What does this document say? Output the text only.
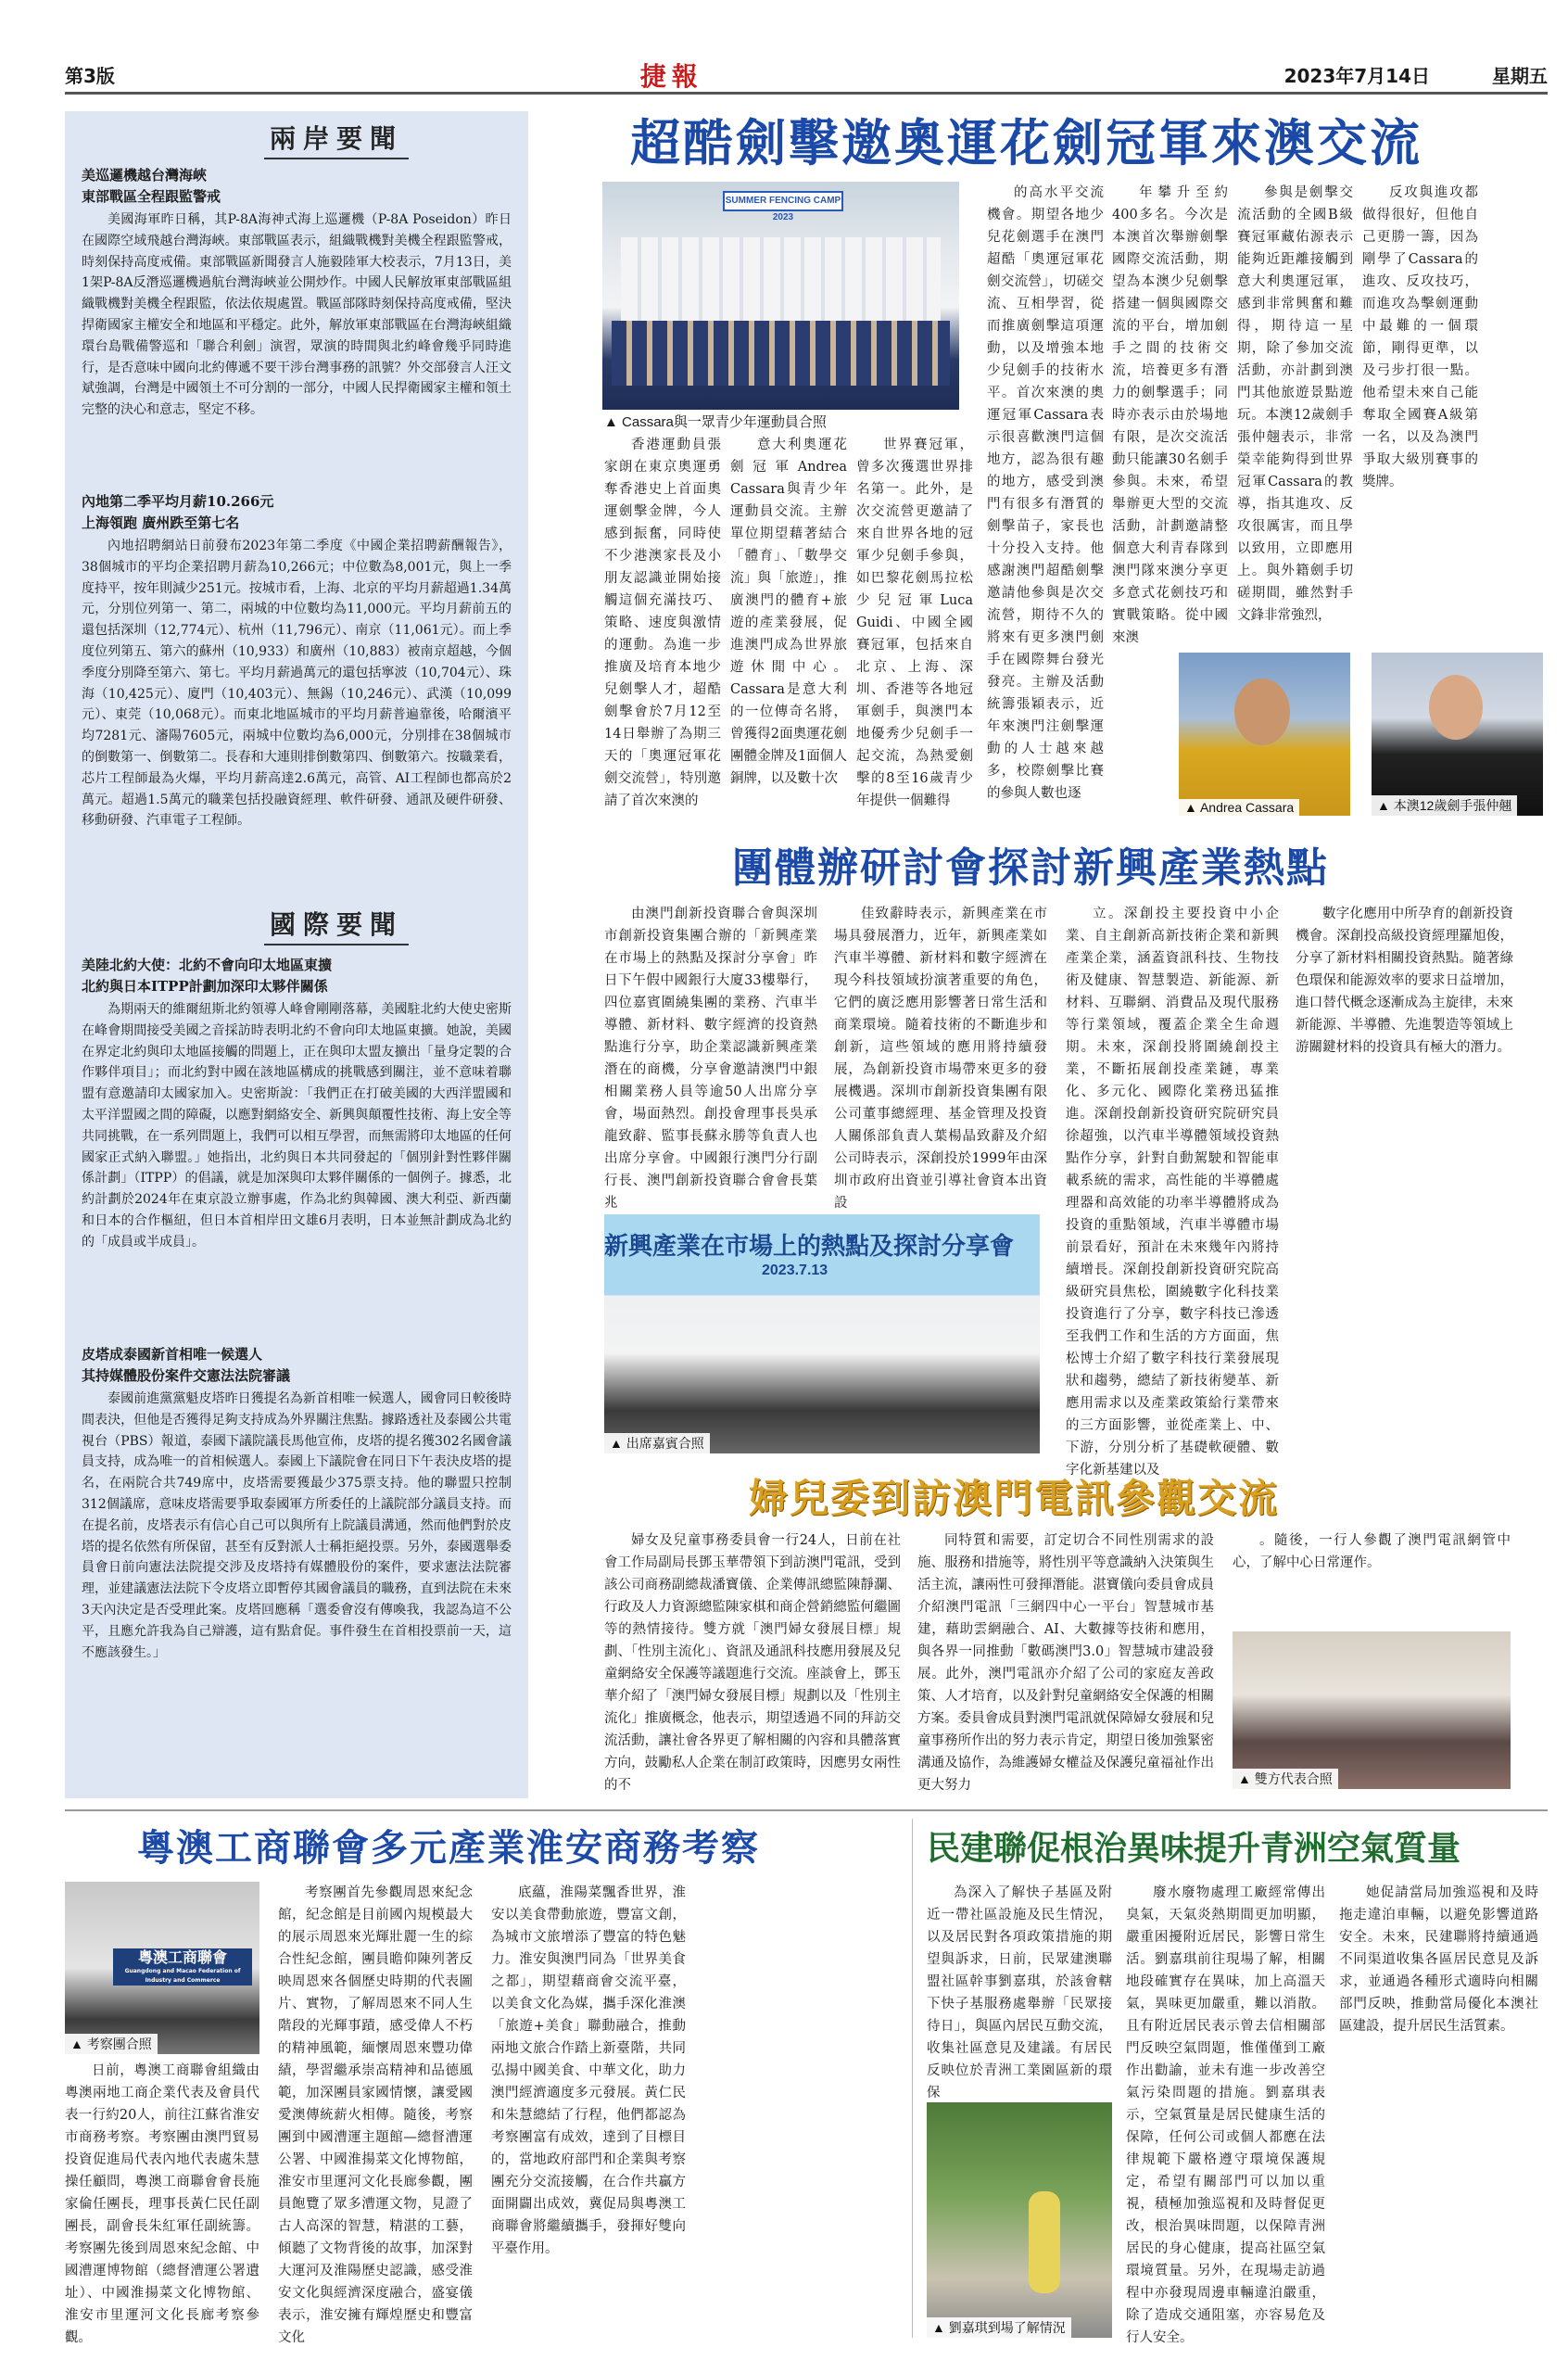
第3版	捷報	2023年7月14日	星期五
兩岸要聞
美巡邏機越台灣海峽
東部戰區全程跟監警戒
美國海軍昨日稱，其P-8A海神式海上巡邏機（P-8A Poseidon）昨日在國際空域飛越台灣海峽。東部戰區表示，組織戰機對美機全程跟監警戒，時刻保持高度戒備。東部戰區新聞發言人施毅陸軍大校表示，7月13日，美1架P-8A反潛巡邏機過航台灣海峽並公開炒作。中國人民解放軍東部戰區組織戰機對美機全程跟監，依法依規處置。戰區部隊時刻保持高度戒備，堅決捍衛國家主權安全和地區和平穩定。此外，解放軍東部戰區在台灣海峽組織環台島戰備警巡和「聯合利劍」演習，眾演的時間與北約峰會幾乎同時進行，是否意味中國向北約傳遞不要干涉台灣事務的訊號？外交部發言人汪文斌強調，台灣是中國領土不可分割的一部分，中國人民捍衛國家主權和領土完整的決心和意志，堅定不移。
內地第二季平均月薪10.266元
上海領跑 廣州跌至第七名
內地招聘網站日前發布2023年第二季度《中國企業招聘薪酬報告》，38個城市的平均企業招聘月薪為10,266元；中位數為8,001元，與上一季度持平，按年則減少251元。按城市看，上海、北京的平均月薪超過1.34萬元，分別位列第一、第二，兩城的中位數均為11,000元。平均月薪前五的還包括深圳（12,774元）、杭州（11,796元）、南京（11,061元）。而上季度位列第五、第六的蘇州（10,933）和廣州（10,883）被南京超越，今個季度分別降至第六、第七。平均月薪過萬元的還包括寧波（10,704元）、珠海（10,425元）、廈門（10,403元）、無錫（10,246元）、武漢（10,099元）、東莞（10,068元）。而東北地區城市的平均月薪普遍靠後，哈爾濱平均7281元、瀋陽7605元，兩城中位數均為6,000元，分別排在38個城市的倒數第一、倒數第二。長春和大連則排倒數第四、倒數第六。按職業看，芯片工程師最為火爆，平均月薪高達2.6萬元，高管、AI工程師也都高於2萬元。超過1.5萬元的職業包括投融資經理、軟件研發、通訊及硬件研發、移動研發、汽車電子工程師。
國際要聞
美陸北約大使：北約不會向印太地區東擴
北約與日本ITPP計劃加深印太夥伴關係
為期兩天的維爾紐斯北約領導人峰會剛剛落幕，美國駐北約大使史密斯在峰會期間接受美國之音採訪時表明北約不會向印太地區東擴。她說，美國在界定北約與印太地區接觸的問題上，正在與印太盟友擴出「量身定製的合作夥伴項目」；而北約對中國在該地區構成的挑戰感到關注，並不意味着聯盟有意邀請印太國家加入。史密斯說：「我們正在打破美國的大西洋盟國和太平洋盟國之間的障礙，以應對網絡安全、新興與顛覆性技術、海上安全等共同挑戰，在一系列問題上，我們可以相互學習，而無需將印太地區的任何國家正式納入聯盟。」她指出，北約與日本共同發起的「個別針對性夥伴關係計劃」（ITPP）的倡議，就是加深與印太夥伴關係的一個例子。據悉，北約計劃於2024年在東京設立辦事處，作為北約與韓國、澳大利亞、新西蘭和日本的合作樞紐，但日本首相岸田文雄6月表明，日本並無計劃成為北約的「成員或半成員」。
皮塔成泰國新首相唯一候選人
其持媒體股份案件交憲法法院審議
泰國前進黨黨魁皮塔昨日獲提名為新首相唯一候選人，國會同日較後時間表決，但他是否獲得足夠支持成為外界關注焦點。據路透社及泰國公共電視台（PBS）報道，泰國下議院議長馬他宣佈，皮塔的提名獲302名國會議員支持，成為唯一的首相候選人。泰國上下議院會在同日下午表決皮塔的提名，在兩院合共749席中，皮塔需要獲最少375票支持。他的聯盟只控制312個議席，意味皮塔需要爭取泰國軍方所委任的上議院部分議員支持。而在提名前，皮塔表示有信心自己可以與所有上院議員溝通，然而他們對於皮塔的提名依然有所保留，甚至有反對派人士稱拒絕投票。另外，泰國選舉委員會日前向憲法法院提交涉及皮塔持有媒體股份的案件，要求憲法法院審理，並建議憲法法院下令皮塔立即暫停其國會議員的職務，直到法院在未來3天內決定是否受理此案。皮塔回應稱「選委會沒有傳喚我，我認為這不公平，且應允許我為自己辯護，這有點倉促。事件發生在首相投票前一天，這不應該發生。」
超酷劍擊邀奧運花劍冠軍來澳交流
SUMMER FENCING CAMP 2023
▲ Cassara與一眾青少年運動員合照
香港運動員張家朗在東京奧運勇奪香港史上首面奧運劍擊金牌，今人感到振奮，同時使不少港澳家長及小朋友認識並開始接觸這個充滿技巧、策略、速度與激情的運動。為進一步推廣及培育本地少兒劍擊人才，超酷劍擊會於7月12至14日舉辦了為期三天的「奧運冠軍花劍交流營」，特別邀請了首次來澳的
意大利奧運花劍冠軍Andrea Cassara與青少年運動員交流。主辦單位期望藉著結合「體育」、「數學交流」與「旅遊」，推廣澳門的體育+旅遊的產業發展，促進澳門成為世界旅遊休閒中心。Cassara是意大利的一位傳奇名將，曾獲得2面奧運花劍團體金牌及1面個人銅牌，以及數十次
世界賽冠軍，曾多次獲選世界排名第一。此外，是次交流營更邀請了來自世界各地的冠軍少兒劍手參與，如巴黎花劍馬拉松少兒冠軍Luca Guidi、中國全國賽冠軍，包括來自北京、上海、深圳、香港等各地冠軍劍手，與澳門本地優秀少兒劍手一起交流，為熱愛劍擊的8至16歲青少年提供一個難得
的高水平交流機會。期望各地少兒花劍選手在澳門超酷「奧運冠軍花劍交流營」，切磋交流、互相學習，從而推廣劍擊這項運動，以及增強本地少兒劍手的技術水平。首次來澳的奧運冠軍Cassara表示很喜歡澳門這個地方，認為很有趣的地方，感受到澳門有很多有潛質的劍擊苗子，家長也十分投入支持。他感謝澳門超酷劍擊邀請他參與是次交流營，期待不久的將來有更多澳門劍手在國際舞台發光發亮。主辦及活動統籌張穎表示，近年來澳門注劍擊運動的人士越來越多，校際劍擊比賽的參與人數也逐
年攀升至約400多名。今次是本澳首次舉辦劍擊國際交流活動，期望為本澳少兒劍擊搭建一個與國際交流的平台，增加劍手之間的技術交流，培養更多有潛力的劍擊選手；同時亦表示由於場地有限，是次交流活動只能讓30名劍手參與。未來，希望舉辦更大型的交流活動，計劃邀請整個意大利青春隊到澳門隊來澳分享更多意式花劍技巧和實戰策略。從中國來澳
參與是劍擊交流活動的全國B級賽冠軍藏佑源表示能夠近距離接觸到意大利奧運冠軍，感到非常興奮和難得，期待這一星期，除了參加交流活動，亦計劃到澳門其他旅遊景點遊玩。本澳12歲劍手張仲翹表示，非常榮幸能夠得到世界冠軍Cassara的教導，指其進攻、反攻很厲害，而且學以致用，立即應用上。與外籍劍手切磋期間，雖然對手文鋒非常強烈，
反攻與進攻都做得很好，但他自己更勝一籌，因為剛學了Cassara的進攻、反攻技巧，而進攻為擊劍運動中最難的一個環節，剛得更準，以及弓步打很一點。他希望未來自己能奪取全國賽A級第一名，以及為澳門爭取大級別賽事的獎牌。
▲ Andrea Cassara	▲ 本澳12歲劍手張仲翹
團體辦研討會探討新興產業熱點
由澳門創新投資聯合會與深圳市創新投資集團合辦的「新興產業在市場上的熱點及探討分享會」昨日下午假中國銀行大廈33樓舉行，四位嘉賓圍繞集團的業務、汽車半導體、新材料、數字經濟的投資熱點進行分享，助企業認識新興產業潛在的商機，分享會邀請澳門中銀相關業務人員等逾50人出席分享會，場面熱烈。創投會理事長吳承龍致辭、監事長蘇永勝等負責人也出席分享會。中國銀行澳門分行副行長、澳門創新投資聯合會會長葉兆
佳致辭時表示，新興產業在市場具發展潛力，近年，新興產業如汽車半導體、新材料和數字經濟在現今科技領域扮演著重要的角色，它們的廣泛應用影響著日常生活和商業環境。隨着技術的不斷進步和創新，這些領域的應用將持續發展，為創新投資市場帶來更多的發展機遇。深圳市創新投資集團有限公司董事總經理、基金管理及投資人關係部負責人葉楊晶致辭及介紹公司時表示，深創投於1999年由深圳市政府出資並引導社會資本出資設
立。深創投主要投資中小企業、自主創新高新技術企業和新興產業企業，涵蓋資訊科技、生物技術及健康、智慧製造、新能源、新材料、互聯網、消費品及現代服務等行業領域，覆蓋企業全生命週期。未來，深創投將圍繞創投主業，不斷拓展創投產業鏈，專業化、多元化、國際化業務迅猛推進。深創投創新投資研究院研究員徐超強，以汽車半導體領域投資熱點作分享，針對自動駕駛和智能車載系統的需求，高性能的半導體處理器和高效能的功率半導體將成為投資的重點領域，汽車半導體市場前景看好，預計在未來幾年內將持續增長。深創投創新投資研究院高級研究員焦松，圍繞數字化科技業投資進行了分享，數字科技已滲透至我們工作和生活的方方面面，焦松博士介紹了數字科技行業發展現狀和趨勢，總結了新技術變革、新應用需求以及產業政策給行業帶來的三方面影響，並從產業上、中、下游，分別分析了基礎軟硬體、數字化新基建以及
數字化應用中所孕育的創新投資機會。深創投高級投資經理羅旭俊，分享了新材料相關投資熱點。隨著綠色環保和能源效率的要求日益增加，進口替代概念逐漸成為主旋律，未來新能源、半導體、先進製造等領域上游關鍵材料的投資具有極大的潛力。
新興產業在市場上的熱點及探討分享會
2023.7.13
▲ 出席嘉賓合照
婦兒委到訪澳門電訊參觀交流
婦女及兒童事務委員會一行24人，日前在社會工作局副局長鄧玉華帶領下到訪澳門電訊，受到該公司商務副總裁潘寶儀、企業傳訊總監陳靜瀾、行政及人力資源總監陳家棋和商企營銷總監何繼圖等的熱情接待。雙方就「澳門婦女發展目標」規劃、「性別主流化」、資訊及通訊科技應用發展及兒童網絡安全保護等議題進行交流。座談會上，鄧玉華介紹了「澳門婦女發展目標」規劃以及「性別主流化」推廣概念，他表示，期望透過不同的拜訪交流活動，讓社會各界更了解相關的內容和具體落實方向，鼓勵私人企業在制訂政策時，因應男女兩性的不
同特質和需要，訂定切合不同性別需求的設施、服務和措施等，將性別平等意識納入決策與生活主流，讓兩性可發揮潛能。湛寶儀向委員會成員介紹澳門電訊「三網四中心一平台」智慧城市基建，藉助雲網融合、AI、大數據等技術和應用，與各界一同推動「數碼澳門3.0」智慧城市建設發展。此外，澳門電訊亦介紹了公司的家庭友善政策、人才培育，以及針對兒童網絡安全保護的相關方案。委員會成員對澳門電訊就保障婦女發展和兒童事務所作出的努力表示肯定，期望日後加強緊密溝通及協作，為維護婦女權益及保護兒童福祉作出更大努力
。隨後，一行人參觀了澳門電訊網管中心，了解中心日常運作。
▲ 雙方代表合照
粵澳工商聯會多元產業淮安商務考察
粵澳工商聯會
Guangdong and Macao Federation of Industry and Commerce
▲ 考察團合照
日前，粵澳工商聯會組織由粵澳兩地工商企業代表及會員代表一行約20人，前往江蘇省淮安市商務考察。考察團由澳門貿易投資促進局代表內地代表處朱慧操任顧問，粵澳工商聯會會長施家倫任團長，理事長黃仁民任副團長，副會長朱紅軍任副統籌。考察團先後到周恩來紀念館、中國漕運博物館（總督漕運公署遺址）、中國淮揚菜文化博物館、淮安市里運河文化長廊考察參觀。
考察團首先參觀周恩來紀念館，紀念館是目前國內規模最大的展示周恩來光輝壯麗一生的綜合性紀念館，團員瞻仰陳列著反映周恩來各個歷史時期的代表圖片、實物，了解周恩來不同人生階段的光輝事蹟，感受偉人不朽的精神風範，緬懷周恩來豐功偉績，學習繼承崇高精神和品德風範，加深團員家國情懷，讓愛國愛澳傳統薪火相傳。隨後，考察團到中國漕運主題館—總督漕運公署、中國淮揚菜文化博物館，淮安市里運河文化長廊參觀，團員飽覽了眾多漕運文物，見證了古人高深的智慧，精湛的工藝，傾聽了文物背後的故事，加深對大運河及淮陽歷史認識，感受淮安文化與經濟深度融合，盛宴儀表示，淮安擁有輝煌歷史和豐富文化
底蘊，淮陽菜飄香世界，淮安以美食帶動旅遊，豐富文創，為城市文旅增添了豐富的特色魅力。淮安與澳門同為「世界美食之都」，期望藉商會交流平臺，以美食文化為媒，攜手深化淮澳「旅遊+美食」聯動融合，推動兩地文旅合作踏上新臺階，共同弘揚中國美食、中華文化，助力澳門經濟適度多元發展。黃仁民和朱慧總結了行程，他們都認為考察團富有成效，達到了目標目的，當地政府部門和企業與考察團充分交流接觸，在合作共贏方面開闢出成效，冀促局與粵澳工商聯會將繼續攜手，發揮好雙向平臺作用。
民建聯促根治異味提升青洲空氣質量
為深入了解快子基區及附近一帶社區設施及民生情況，以及居民對各項政策措施的期望與訴求，日前，民眾建澳聯盟社區幹事劉嘉琪，於該會轄下快子基服務處舉辦「民眾接待日」，與區內居民互動交流，收集社區意見及建議。有居民反映位於青洲工業園區新的環保
▲ 劉嘉琪到場了解情況
廢水廢物處理工廠經常傳出臭氣，天氣炎熱期間更加明顯，嚴重困擾附近居民，影響日常生活。劉嘉琪前往現場了解，相關地段確實存在異味，加上高溫天氣，異味更加嚴重，難以消散。且有附近居民表示曾去信相關部門反映空氣問題，惟僅僅到工廠作出勸諭，並未有進一步改善空氣污染問題的措施。劉嘉琪表示，空氣質量是居民健康生活的保障，任何公司或個人都應在法律規範下嚴格遵守環境保護規定，希望有關部門可以加以重視，積極加強巡視和及時督促更改，根治異味問題，以保障青洲居民的身心健康，提高社區空氣環境質量。另外，在現場走訪過程中亦發現周邊車輛違泊嚴重，除了造成交通阻塞，亦容易危及行人安全。
她促請當局加強巡視和及時拖走違泊車輛，以避免影響道路安全。未來，民建聯將持續通過不同渠道收集各區居民意見及訴求，並通過各種形式適時向相關部門反映，推動當局優化本澳社區建設，提升居民生活質素。
